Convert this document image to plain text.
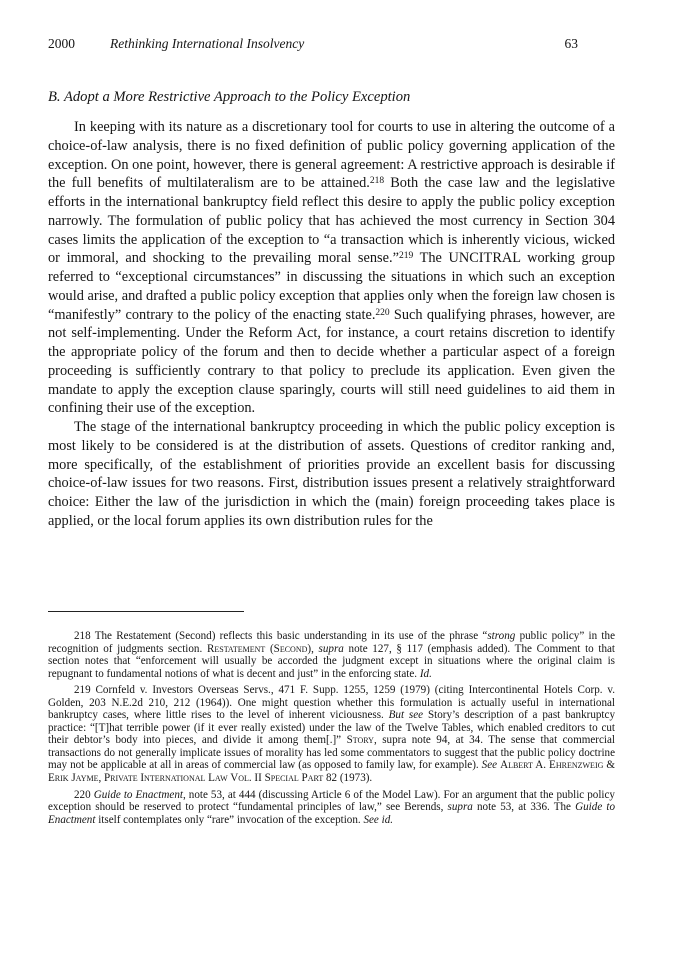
2000	Rethinking International Insolvency	63
B. Adopt a More Restrictive Approach to the Policy Exception

In keeping with its nature as a discretionary tool for courts to use in altering the outcome of a choice-of-law analysis, there is no fixed definition of public policy governing application of the exception. On one point, however, there is general agreement: A restrictive approach is desirable if the full benefits of multilateralism are to be attained.$^{218}$ Both the case law and the legislative efforts in the international bankruptcy field reflect this desire to apply the public policy exception narrowly. The formulation of public policy that has achieved the most currency in Section 304 cases limits the application of the exception to “a transaction which is inherently vicious, wicked or immoral, and shocking to the prevailing moral sense.”$^{219}$ The UNCITRAL working group referred to “exceptional circumstances” in discussing the situations in which such an exception would arise, and drafted a public policy exception that applies only when the foreign law chosen is “manifestly” contrary to the policy of the enacting state.$^{220}$ Such qualifying phrases, however, are not self-implementing. Under the Reform Act, for instance, a court retains discretion to identify the appropriate policy of the forum and then to decide whether a particular aspect of a foreign proceeding is sufficiently contrary to that policy to preclude its application. Even given the mandate to apply the exception clause sparingly, courts will still need guidelines to aid them in confining their use of the exception.

The stage of the international bankruptcy proceeding in which the public policy exception is most likely to be considered is at the distribution of assets. Questions of creditor ranking and, more specifically, of the establishment of priorities provide an excellent basis for discussing choice-of-law issues for two reasons. First, distribution issues present a relatively straightforward choice: Either the law of the jurisdiction in which the (main) foreign proceeding takes place is applied, or the local forum applies its own distribution rules for the

218 The Restatement (Second) reflects this basic understanding in its use of the phrase “strong public policy” in the recognition of judgments section. Restatement (Second), supra note 127, § 117 (emphasis added). The Comment to that section notes that “enforcement will usually be accorded the judgment except in situations where the original claim is repugnant to fundamental notions of what is decent and just” in the enforcing state. Id.

219 Cornfeld v. Investors Overseas Servs., 471 F. Supp. 1255, 1259 (1979) (citing Intercontinental Hotels Corp. v. Golden, 203 N.E.2d 210, 212 (1964)). One might question whether this formulation is actually useful in international bankruptcy cases, where little rises to the level of inherent viciousness. But see Story’s description of a past bankruptcy practice: “[T]hat terrible power (if it ever really existed) under the law of the Twelve Tables, which enabled creditors to cut their debtor’s body into pieces, and divide it among them[.]” Story, supra note 94, at 34. The sense that commercial transactions do not generally implicate issues of morality has led some commentators to suggest that the public policy doctrine may not be applicable at all in areas of commercial law (as opposed to family law, for example). See Albert A. Ehrenzweig & Erik Jayme, Private International Law Vol. II Special Part 82 (1973).

220 Guide to Enactment, note 53, at 444 (discussing Article 6 of the Model Law). For an argument that the public policy exception should be reserved to protect “fundamental principles of law,” see Berends, supra note 53, at 336. The Guide to Enactment itself contemplates only “rare” invocation of the exception. See id.
